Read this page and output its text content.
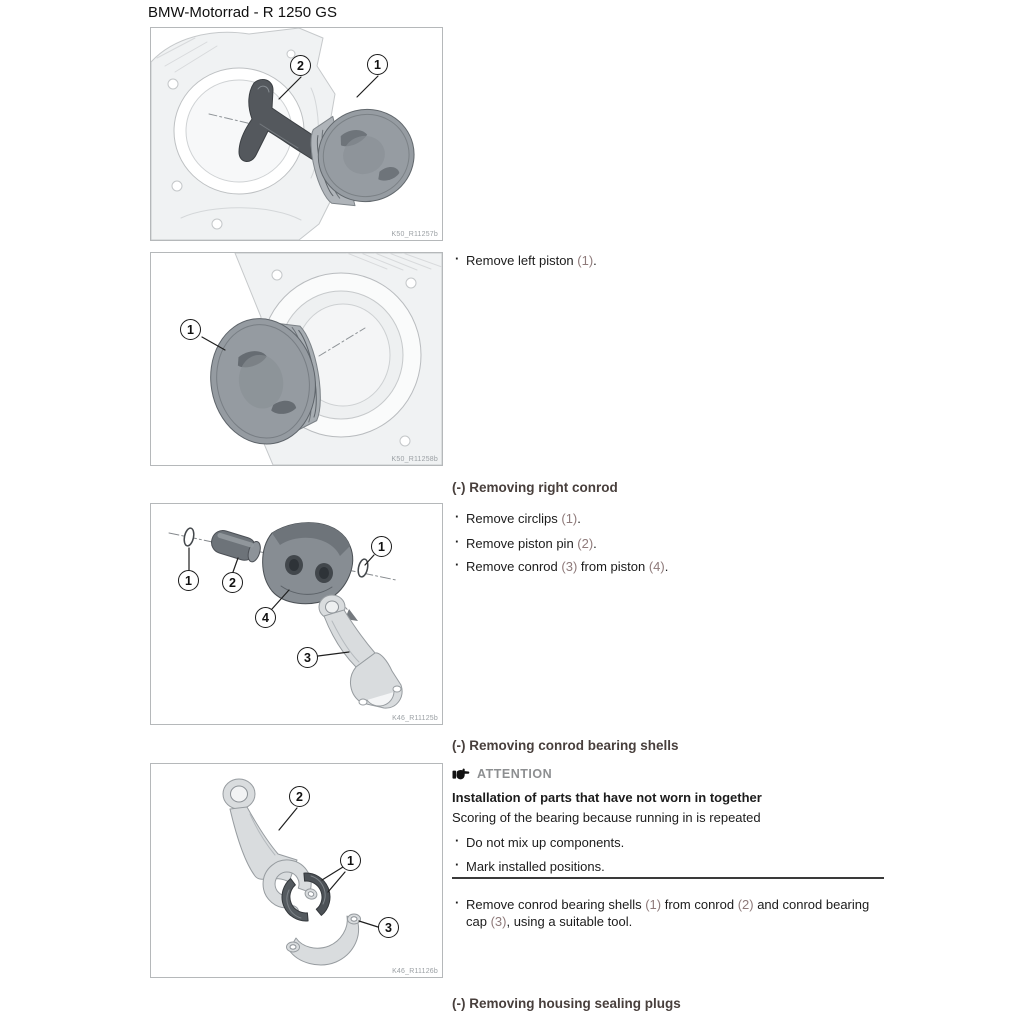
BMW-Motorrad - R 1250 GS
2	1
K50_R11257b
1
K50_R11258b
1	2
1
4
3
K46_R11125b
2
1
3
K46_R11126b
· Remove left piston (1).
(-) Removing right conrod
· Remove circlips (1).
· Remove piston pin (2).
· Remove conrod (3) from piston (4).
(-) Removing conrod bearing shells
ATTENTION
Installation of parts that have not worn in together
Scoring of the bearing because running in is repeated
· Do not mix up components.
· Mark installed positions.
· Remove conrod bearing shells (1) from conrod (2) and conrod bearing cap (3), using a suitable tool.
(-) Removing housing sealing plugs
